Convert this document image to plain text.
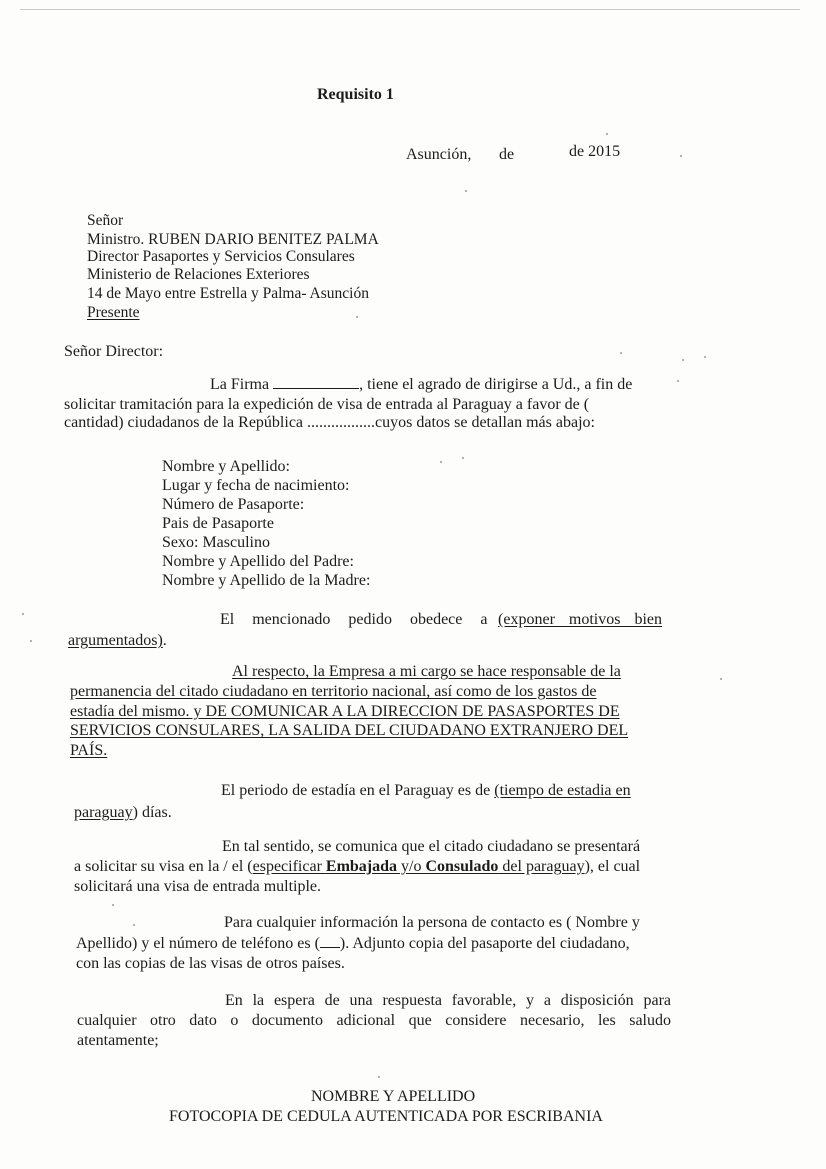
Requisito 1
Asunción, de	de 2015
Señor
Ministro. RUBEN DARIO BENITEZ PALMA
Director Pasaportes y Servicios Consulares
Ministerio de Relaciones Exteriores
14 de Mayo entre Estrella y Palma- Asunción
Presente
Señor Director:
La Firma	, tiene el agrado de dirigirse a Ud., a fin de
solicitar tramitación para la expedición de visa de entrada al Paraguay a favor de (
cantidad) ciudadanos de la República .................cuyos datos se detallan más abajo:
Nombre y Apellido:
Lugar y fecha de nacimiento:
Número de Pasaporte:
Pais de Pasaporte
Sexo: Masculino
Nombre y Apellido del Padre:
Nombre y Apellido de la Madre:
El mencionado pedido obedece a (exponer motivos bien
argumentados).
Al respecto, la Empresa a mi cargo se hace responsable de la
permanencia del citado ciudadano en territorio nacional, así como de los gastos de
estadía del mismo. y DE COMUNICAR A LA DIRECCION DE PASASPORTES DE
SERVICIOS CONSULARES, LA SALIDA DEL CIUDADANO EXTRANJERO DEL
PAÍS.
El periodo de estadía en el Paraguay es de (tiempo de estadia en
paraguay) días.
En tal sentido, se comunica que el citado ciudadano se presentará
a solicitar su visa en la / el (especificar Embajada y/o Consulado del paraguay), el cual
solicitará una visa de entrada multiple.
Para cualquier información la persona de contacto es ( Nombre y
Apellido) y el número de teléfono es ( ). Adjunto copia del pasaporte del ciudadano,
con las copias de las visas de otros países.
En la espera de una respuesta favorable, y a disposición para
cualquier otro dato o documento adicional que considere necesario, les saludo
atentamente;
NOMBRE Y APELLIDO
FOTOCOPIA DE CEDULA AUTENTICADA POR ESCRIBANIA
